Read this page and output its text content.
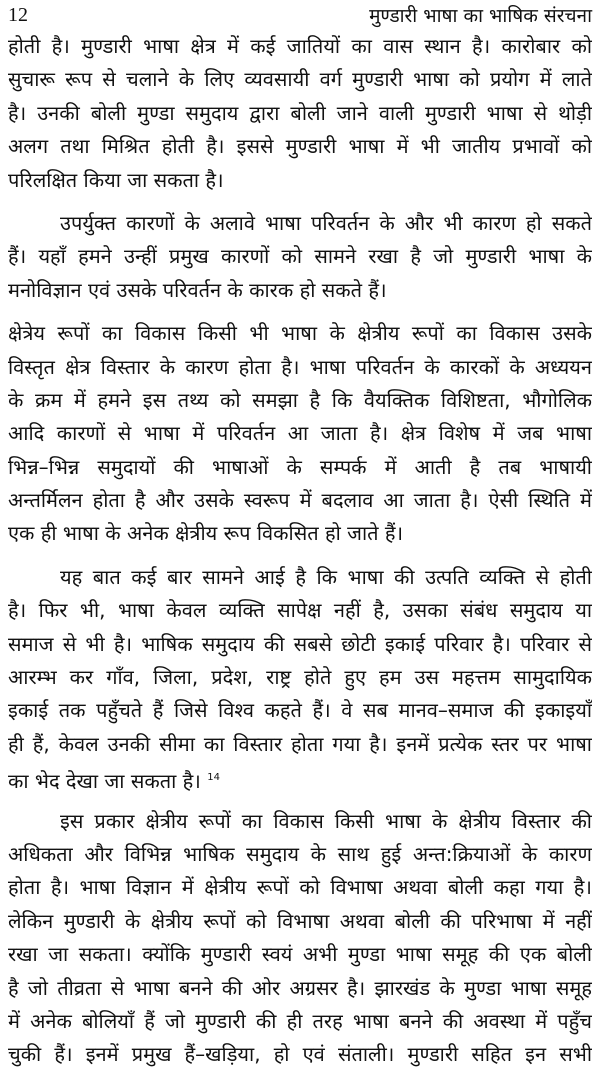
12	मुण्डारी भाषा का भाषिक संरचना
होती है। मुण्डारी भाषा क्षेत्र में कई जातियों का वास स्थान है। कारोबार को
सुचारू रूप से चलाने के लिए व्यवसायी वर्ग मुण्डारी भाषा को प्रयोग में लाते
है। उनकी बोली मुण्डा समुदाय द्वारा बोली जाने वाली मुण्डारी भाषा से थोड़ी
अलग तथा मिश्रित होती है। इससे मुण्डारी भाषा में भी जातीय प्रभावों को
परिलक्षित किया जा सकता है।
उपर्युक्त कारणों के अलावे भाषा परिवर्तन के और भी कारण हो सकते
हैं। यहाँ हमने उन्हीं प्रमुख कारणों को सामने रखा है जो मुण्डारी भाषा के
मनोविज्ञान एवं उसके परिवर्तन के कारक हो सकते हैं।
क्षेत्रेय रूपों का विकास किसी भी भाषा के क्षेत्रीय रूपों का विकास उसके
विस्तृत क्षेत्र विस्तार के कारण होता है। भाषा परिवर्तन के कारकों के अध्ययन
के क्रम में हमने इस तथ्य को समझा है कि वैयक्तिक विशिष्टता, भौगोलिक
आदि कारणों से भाषा में परिवर्तन आ जाता है। क्षेत्र विशेष में जब भाषा
भिन्न–भिन्न समुदायों की भाषाओं के सम्पर्क में आती है तब भाषायी
अन्तर्मिलन होता है और उसके स्वरूप में बदलाव आ जाता है। ऐसी स्थिति में
एक ही भाषा के अनेक क्षेत्रीय रूप विकसित हो जाते हैं।
यह बात कई बार सामने आई है कि भाषा की उत्पति व्यक्ति से होती
है। फिर भी, भाषा केवल व्यक्ति सापेक्ष नहीं है, उसका संबंध समुदाय या
समाज से भी है। भाषिक समुदाय की सबसे छोटी इकाई परिवार है। परिवार से
आरम्भ कर गाँव, जिला, प्रदेश, राष्ट्र होते हुए हम उस महत्तम सामुदायिक
इकाई तक पहुँचते हैं जिसे विश्व कहते हैं। वे सब मानव–समाज की इकाइयाँ
ही हैं, केवल उनकी सीमा का विस्तार होता गया है। इनमें प्रत्येक स्तर पर भाषा
का भेद देखा जा सकता है। $^{14}$
इस प्रकार क्षेत्रीय रूपों का विकास किसी भाषा के क्षेत्रीय विस्तार की
अधिकता और विभिन्न भाषिक समुदाय के साथ हुई अन्त:क्रियाओं के कारण
होता है। भाषा विज्ञान में क्षेत्रीय रूपों को विभाषा अथवा बोली कहा गया है।
लेकिन मुण्डारी के क्षेत्रीय रूपों को विभाषा अथवा बोली की परिभाषा में नहीं
रखा जा सकता। क्योंकि मुण्डारी स्वयं अभी मुण्डा भाषा समूह की एक बोली
है जो तीव्रता से भाषा बनने की ओर अग्रसर है। झारखंड के मुण्डा भाषा समूह
में अनेक बोलियाँ हैं जो मुण्डारी की ही तरह भाषा बनने की अवस्था में पहुँच
चुकी हैं। इनमें प्रमुख हैं–खड़िया, हो एवं संताली। मुण्डारी सहित इन सभी
